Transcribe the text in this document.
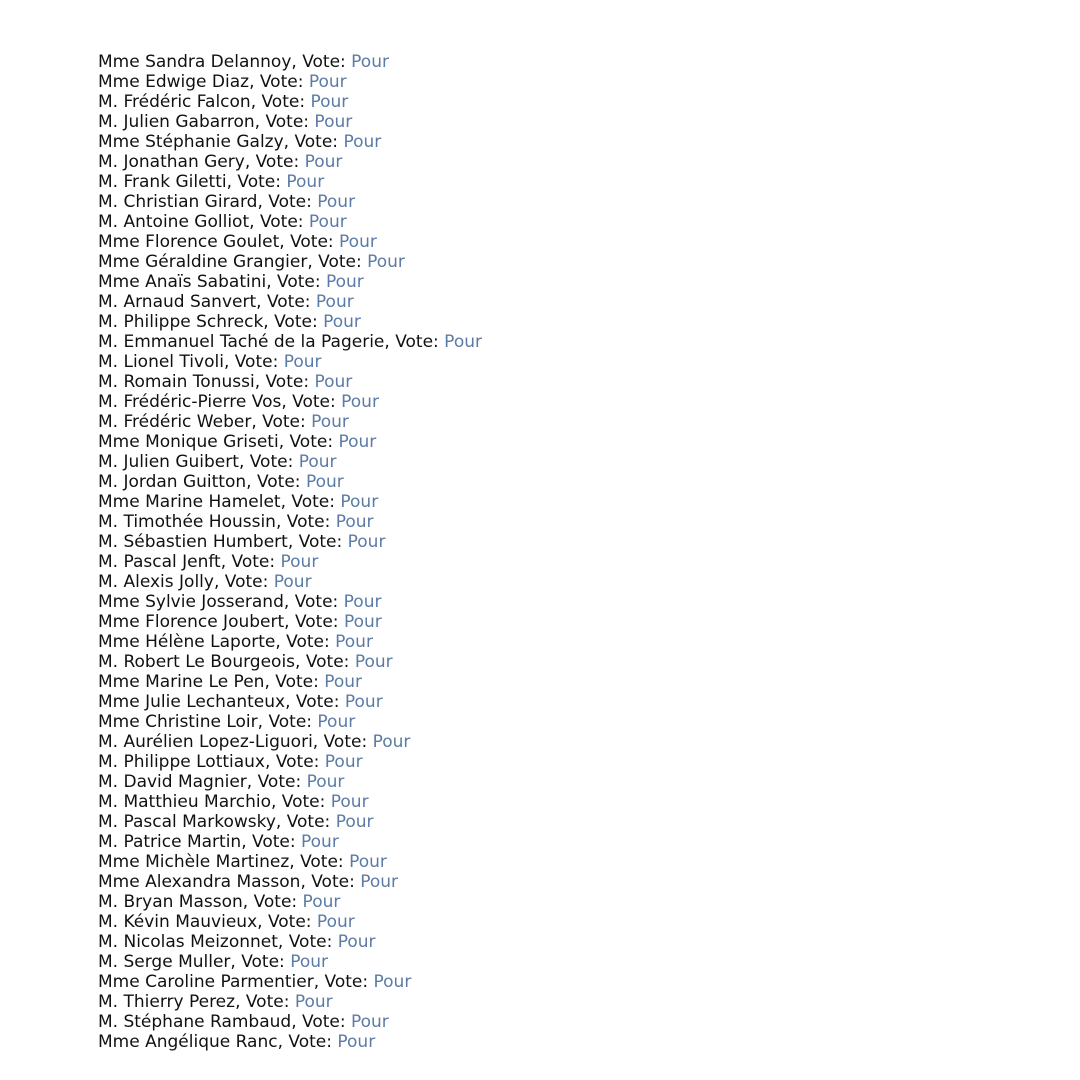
Mme Sandra Delannoy, Vote: Pour
Mme Edwige Diaz, Vote: Pour
M. Frédéric Falcon, Vote: Pour
M. Julien Gabarron, Vote: Pour
Mme Stéphanie Galzy, Vote: Pour
M. Jonathan Gery, Vote: Pour
M. Frank Giletti, Vote: Pour
M. Christian Girard, Vote: Pour
M. Antoine Golliot, Vote: Pour
Mme Florence Goulet, Vote: Pour
Mme Géraldine Grangier, Vote: Pour
Mme Anaïs Sabatini, Vote: Pour
M. Arnaud Sanvert, Vote: Pour
M. Philippe Schreck, Vote: Pour
M. Emmanuel Taché de la Pagerie, Vote: Pour
M. Lionel Tivoli, Vote: Pour
M. Romain Tonussi, Vote: Pour
M. Frédéric-Pierre Vos, Vote: Pour
M. Frédéric Weber, Vote: Pour
Mme Monique Griseti, Vote: Pour
M. Julien Guibert, Vote: Pour
M. Jordan Guitton, Vote: Pour
Mme Marine Hamelet, Vote: Pour
M. Timothée Houssin, Vote: Pour
M. Sébastien Humbert, Vote: Pour
M. Pascal Jenft, Vote: Pour
M. Alexis Jolly, Vote: Pour
Mme Sylvie Josserand, Vote: Pour
Mme Florence Joubert, Vote: Pour
Mme Hélène Laporte, Vote: Pour
M. Robert Le Bourgeois, Vote: Pour
Mme Marine Le Pen, Vote: Pour
Mme Julie Lechanteux, Vote: Pour
Mme Christine Loir, Vote: Pour
M. Aurélien Lopez-Liguori, Vote: Pour
M. Philippe Lottiaux, Vote: Pour
M. David Magnier, Vote: Pour
M. Matthieu Marchio, Vote: Pour
M. Pascal Markowsky, Vote: Pour
M. Patrice Martin, Vote: Pour
Mme Michèle Martinez, Vote: Pour
Mme Alexandra Masson, Vote: Pour
M. Bryan Masson, Vote: Pour
M. Kévin Mauvieux, Vote: Pour
M. Nicolas Meizonnet, Vote: Pour
M. Serge Muller, Vote: Pour
Mme Caroline Parmentier, Vote: Pour
M. Thierry Perez, Vote: Pour
M. Stéphane Rambaud, Vote: Pour
Mme Angélique Ranc, Vote: Pour
